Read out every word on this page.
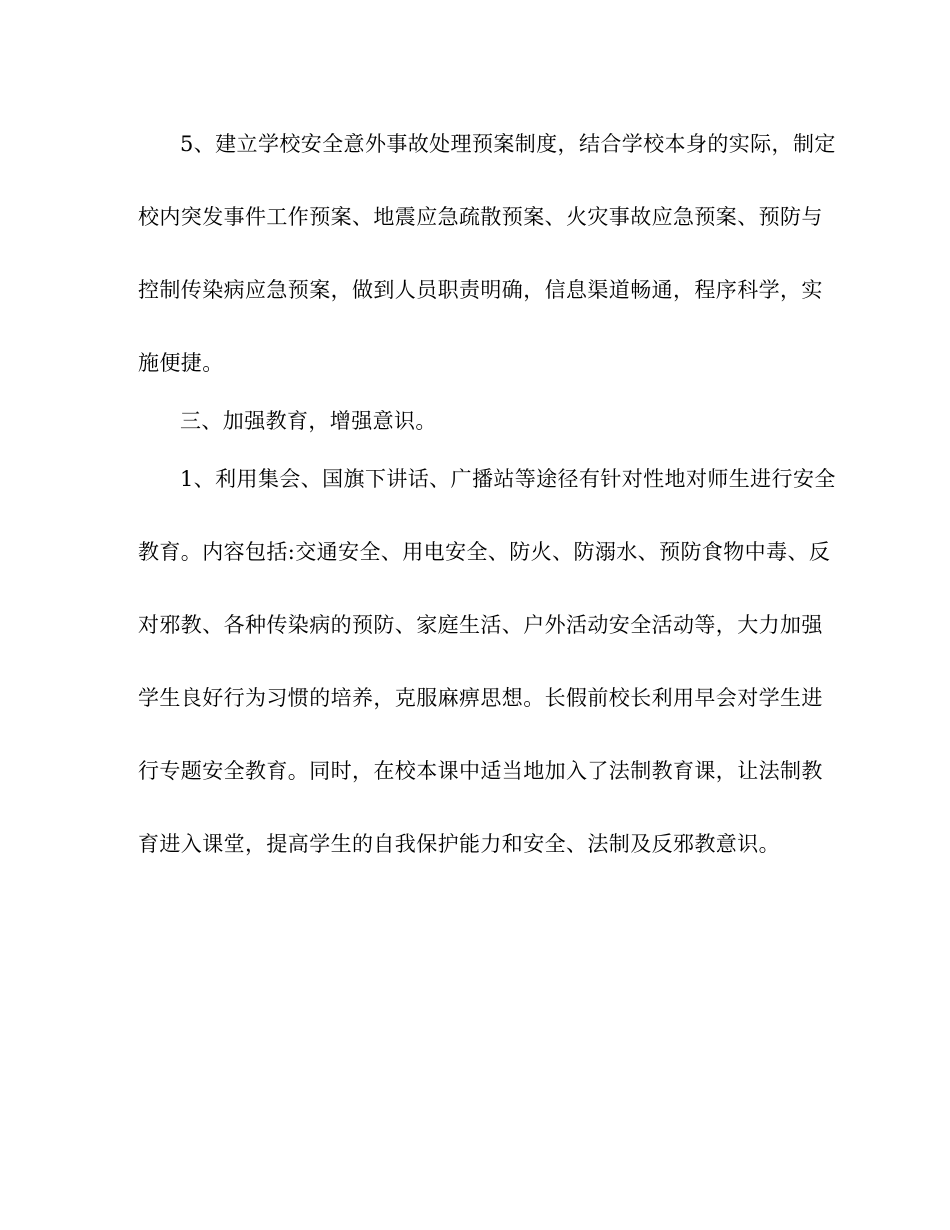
5、建立学校安全意外事故处理预案制度，结合学校本身的实际，制定校内突发事件工作预案、地震应急疏散预案、火灾事故应急预案、预防与控制传染病应急预案，做到人员职责明确，信息渠道畅通，程序科学，实施便捷。

三、加强教育，增强意识。

1、利用集会、国旗下讲话、广播站等途径有针对性地对师生进行安全教育。内容包括:交通安全、用电安全、防火、防溺水、预防食物中毒、反对邪教、各种传染病的预防、家庭生活、户外活动安全活动等，大力加强学生良好行为习惯的培养，克服麻痹思想。长假前校长利用早会对学生进行专题安全教育。同时，在校本课中适当地加入了法制教育课，让法制教育进入课堂，提高学生的自我保护能力和安全、法制及反邪教意识。
